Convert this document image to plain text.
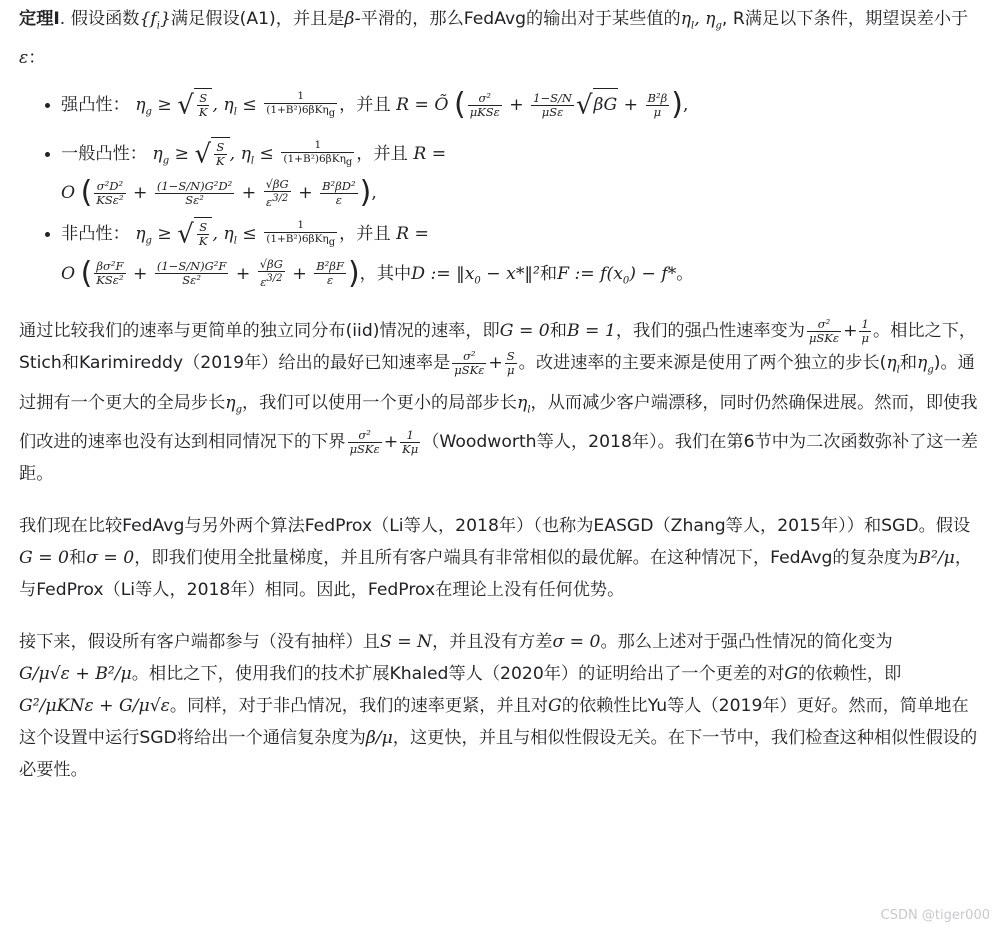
定理I. 假设函数$\{f_i\}$满足假设(A1)，并且是β-平滑的，那么FedAvg的输出对于某些值的$\eta_l$, $\eta_g$, R满足以下条件，期望误差小于ε：

• 强凸性： $\eta_g$ ≥ √ $\frac{S}{K}$ , $\eta_l \le \frac{1}{(1+B^2)6\beta K\eta_g}$ ，并且 R = Õ ( $\frac{\text{σ²}}{\text{μKSε}} + \frac{1-S/N}{\text{μSε}} √\beta G + \frac{\text{B²β}}{\mu}$ ),
• 一般凸性： $\eta_g$ ≥ √ $\frac{S}{K}$ , $\eta_l \le \frac{1}{(1+B^2)6\beta K\eta_g}$ ，并且 R =
O ( $\frac{\text{σ²D²}}{\text{KSε²}} + \frac{\text{(1−S/N)G²D²}}{\text{Sε²}} + \frac{√\beta G}{\varepsilon^{3/2}} + \frac{\text{B²βD²}}{\varepsilon}$ ),
• 非凸性： $\eta_g$ ≥ √ $\frac{S}{K}$ , $\eta_l \le \frac{1}{(1+B^2)6\beta K\eta_g}$ ，并且 R =
O ( $\frac{\text{βσ²F}}{\text{KSε²}} + \frac{\text{(1−S/N)G²F}}{\text{Sε²}} + \frac{√\beta G}{\varepsilon^{3/2}} + \frac{\text{B²βF}}{\varepsilon}$ )，其中D := $‖x_0$ − x*‖²和F := $f(x_0) - f*$。

通过比较我们的速率与更简单的独立同分布(iid)情况的速率，即G = 0和B = 1，我们的强凸性速率变为 $\frac{\text{σ²}}{\text{μSKε}} + \frac{1}{\mu}$ 。相比之下，Stich和Karimireddy（2019年）给出的最好已知速率是 $\frac{\text{σ²}}{\text{μSKε}} + \frac{S}{\mu}$ 。改进速率的主要来源是使用了两个独立的步长($\eta_l$和$\eta_g$)。通过拥有一个更大的全局步长$\eta_g$，我们可以使用一个更小的局部步长$\eta_l$，从而减少客户端漂移，同时仍然确保进展。然而，即使我们改进的速率也没有达到相同情况下的下界 $\frac{\text{σ²}}{\text{μSKε}} + \frac{1}{K\mu}$ （Woodworth等人，2018年）。我们在第6节中为二次函数弥补了这一差距。

我们现在比较FedAvg与另外两个算法FedProx（Li等人，2018年）（也称为EASGD（Zhang等人，2015年））和SGD。假设G = 0和σ = 0，即我们使用全批量梯度，并且所有客户端具有非常相似的最优解。在这种情况下，FedAvg的复杂度为B²/μ，与FedProx（Li等人，2018年）相同。因此，FedProx在理论上没有任何优势。

接下来，假设所有客户端都参与（没有抽样）且S = N，并且没有方差σ = 0。那么上述对于强凸性情况的简化变为G/μ√ε + B²/μ。相比之下，使用我们的技术扩展Khaled等人（2020年）的证明给出了一个更差的对G的依赖性，即G²/μKNε + G/μ√ε。同样，对于非凸情况，我们的速率更紧，并且对G的依赖性比Yu等人（2019年）更好。然而，简单地在这个设置中运行SGD将给出一个通信复杂度为β/μ，这更快，并且与相似性假设无关。在下一节中，我们检查这种相似性假设的必要性。

CSDN @tiger000
